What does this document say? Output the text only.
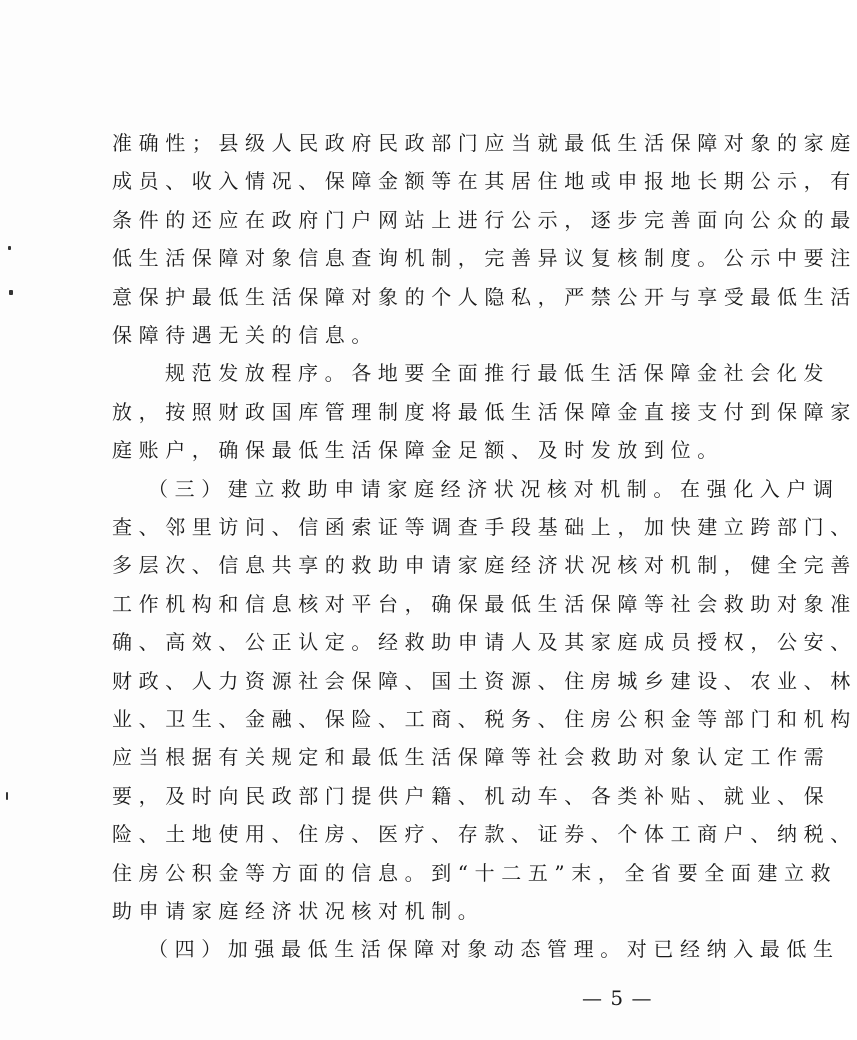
— 5 —
准确性；县级人民政府民政部门应当就最低生活保障对象的家庭
成员、收入情况、保障金额等在其居住地或申报地长期公示，有
条件的还应在政府门户网站上进行公示，逐步完善面向公众的最
低生活保障对象信息查询机制，完善异议复核制度。公示中要注
意保护最低生活保障对象的个人隐私，严禁公开与享受最低生活
保障待遇无关的信息。
规范发放程序。各地要全面推行最低生活保障金社会化发
放，按照财政国库管理制度将最低生活保障金直接支付到保障家
庭账户，确保最低生活保障金足额、及时发放到位。
（三）建立救助申请家庭经济状况核对机制。在强化入户调
查、邻里访问、信函索证等调查手段基础上，加快建立跨部门、
多层次、信息共享的救助申请家庭经济状况核对机制，健全完善
工作机构和信息核对平台，确保最低生活保障等社会救助对象准
确、高效、公正认定。经救助申请人及其家庭成员授权，公安、
财政、人力资源社会保障、国土资源、住房城乡建设、农业、林
业、卫生、金融、保险、工商、税务、住房公积金等部门和机构
应当根据有关规定和最低生活保障等社会救助对象认定工作需
要，及时向民政部门提供户籍、机动车、各类补贴、就业、保
险、土地使用、住房、医疗、存款、证券、个体工商户、纳税、
住房公积金等方面的信息。到“十二五”末，全省要全面建立救
助申请家庭经济状况核对机制。
（四）加强最低生活保障对象动态管理。对已经纳入最低生
